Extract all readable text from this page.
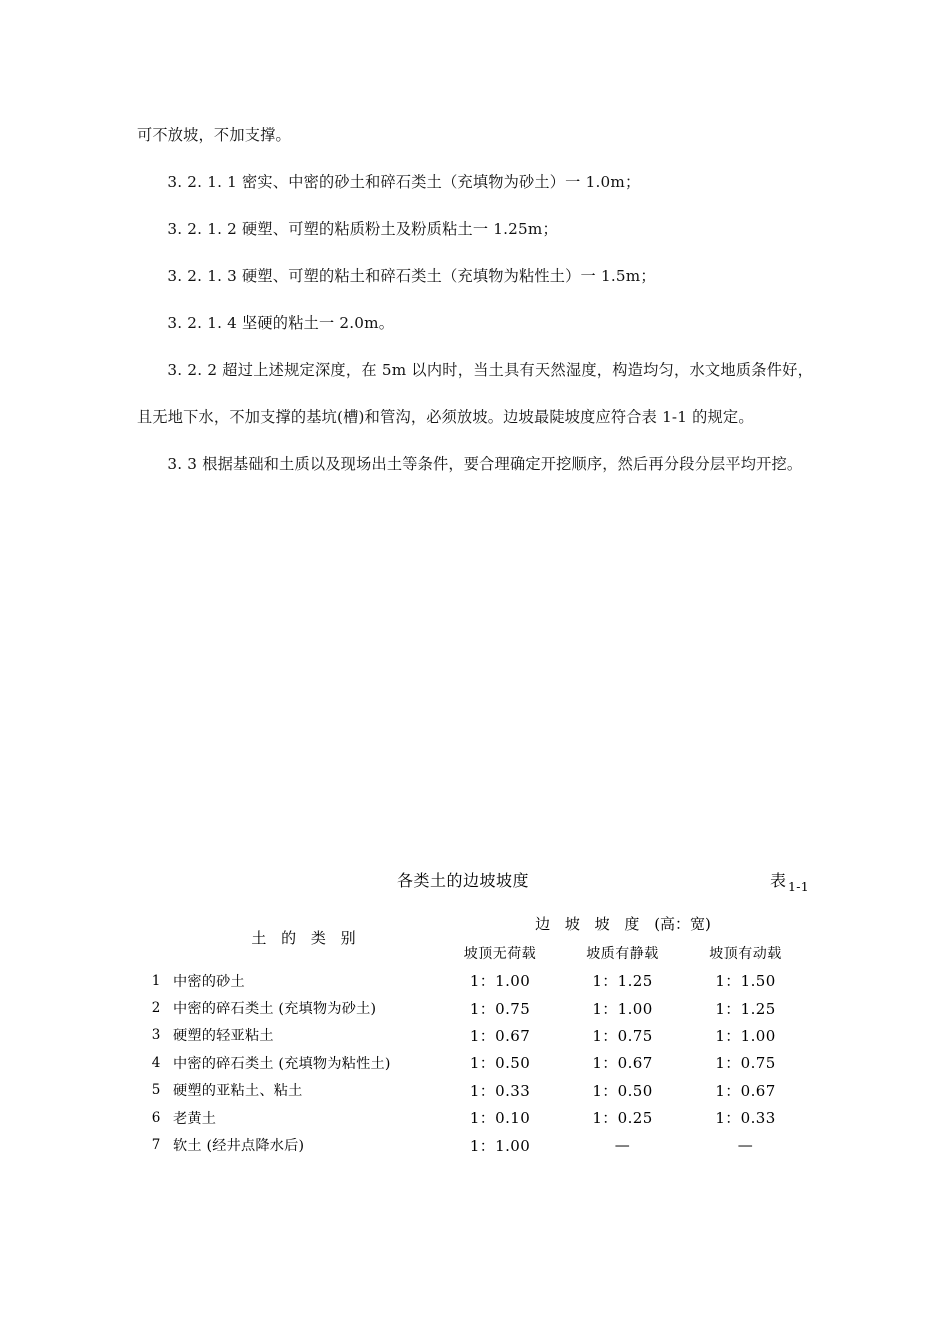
可不放坡，不加支撑。

3. 2. 1. 1 密实、中密的砂土和碎石类土（充填物为砂土）一 1.0m；

3. 2. 1. 2 硬塑、可塑的粘质粉土及粉质粘土一 1.25m；

3. 2. 1. 3 硬塑、可塑的粘土和碎石类土（充填物为粘性土）一 1.5m；

3. 2. 1. 4 坚硬的粘土一 2.0m。

3. 2. 2 超过上述规定深度，在 5m 以内时，当土具有天然湿度，构造均匀，水文地质条件好，且无地下水，不加支撑的基坑(槽)和管沟，必须放坡。边坡最陡坡度应符合表 1-1 的规定。

3. 3 根据基础和土质以及现场出土等条件，要合理确定开挖顺序，然后再分段分层平均开挖。

各类土的边坡坡度	表 $_{1-1}$
	土 的 类 别	边 坡 坡 度 (高：宽)		
		坡顶无荷载	坡质有静载	坡顶有动载
1	中密的砂土	1：1.00	1：1.25	1：1.50
2	中密的碎石类土 (充填物为砂土)	1：0.75	1：1.00	1：1.25
3	硬塑的轻亚粘土	1：0.67	1：0.75	1：1.00
4	中密的碎石类土 (充填物为粘性土)	1：0.50	1：0.67	1：0.75
5	硬塑的亚粘土、粘土	1：0.33	1：0.50	1：0.67
6	老黄土	1：0.10	1：0.25	1：0.33
7	软土 (经井点降水后)	1：1.00	—	—
